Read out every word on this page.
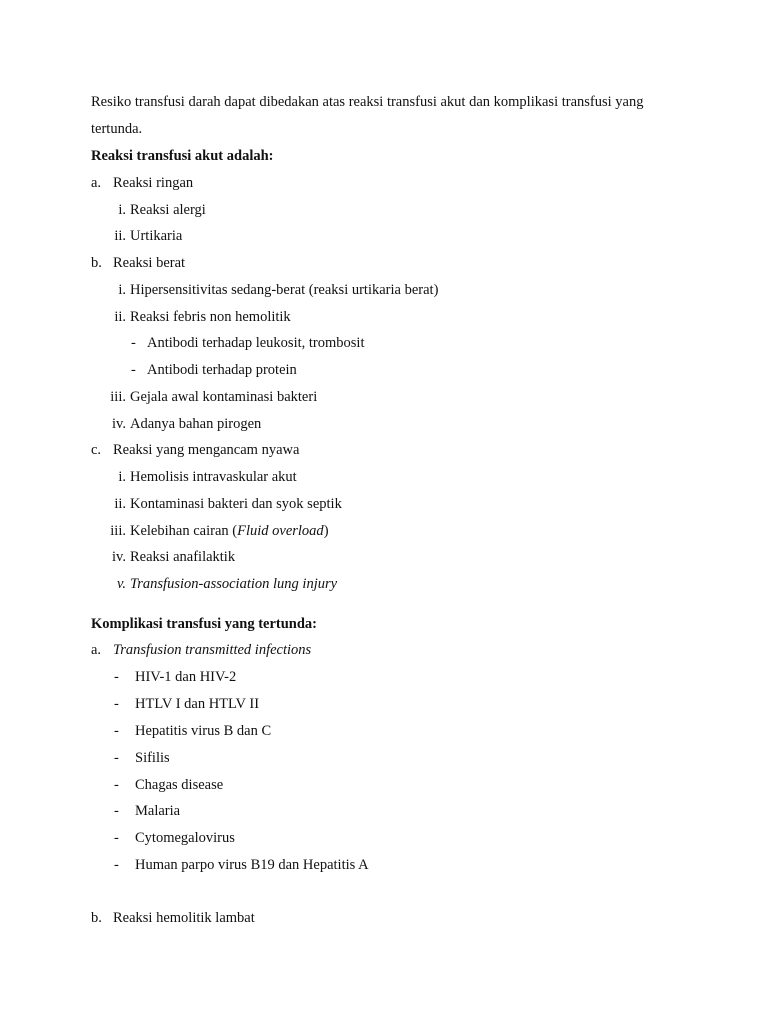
Resiko transfusi darah dapat dibedakan atas reaksi transfusi akut dan komplikasi transfusi yang
tertunda.
Reaksi transfusi akut adalah:
a. Reaksi ringan
i. Reaksi alergi
ii. Urtikaria
b. Reaksi berat
i. Hipersensitivitas sedang-berat (reaksi urtikaria berat)
ii. Reaksi febris non hemolitik
- Antibodi terhadap leukosit, trombosit
- Antibodi terhadap protein
iii. Gejala awal kontaminasi bakteri
iv. Adanya bahan pirogen
c. Reaksi yang mengancam nyawa
i. Hemolisis intravaskular akut
ii. Kontaminasi bakteri dan syok septik
iii. Kelebihan cairan (Fluid overload)
iv. Reaksi anafilaktik
v. Transfusion-association lung injury
Komplikasi transfusi yang tertunda:
a. Transfusion transmitted infections
- HIV-1 dan HIV-2
- HTLV I dan HTLV II
- Hepatitis virus B dan C
- Sifilis
- Chagas disease
- Malaria
- Cytomegalovirus
- Human parpo virus B19 dan Hepatitis A
b. Reaksi hemolitik lambat
